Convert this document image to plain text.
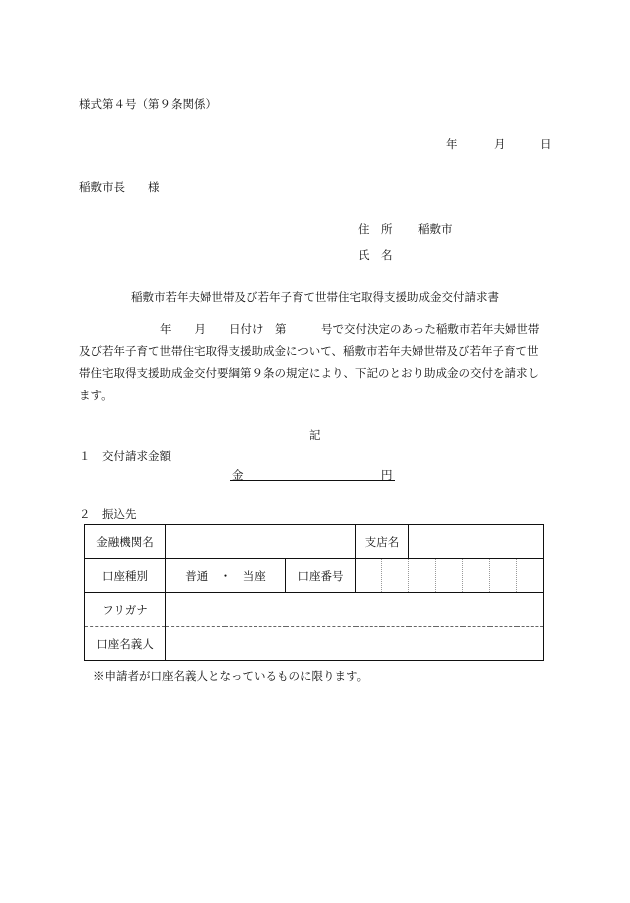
様式第４号（第９条関係）
年	月	日
稲敷市長 様
住　所 稲敷市
氏　名
稲敷市若年夫婦世帯及び若年子育て世帯住宅取得支援助成金交付請求書
年　　月　　日付け　第　　　号で交付決定のあった稲敷市若年夫婦世帯
及び若年子育て世帯住宅取得支援助成金について、稲敷市若年夫婦世帯及び若年子育て世
帯住宅取得支援助成金交付要綱第９条の規定により、下記のとおり助成金の交付を請求し
ます。
記
１　交付請求金額
金	円
２　振込先
金融機関名			支店名						
口座種別	普通　・　当座	口座番号							
フリガナ									
口座名義人									
※申請者が口座名義人となっているものに限ります。
